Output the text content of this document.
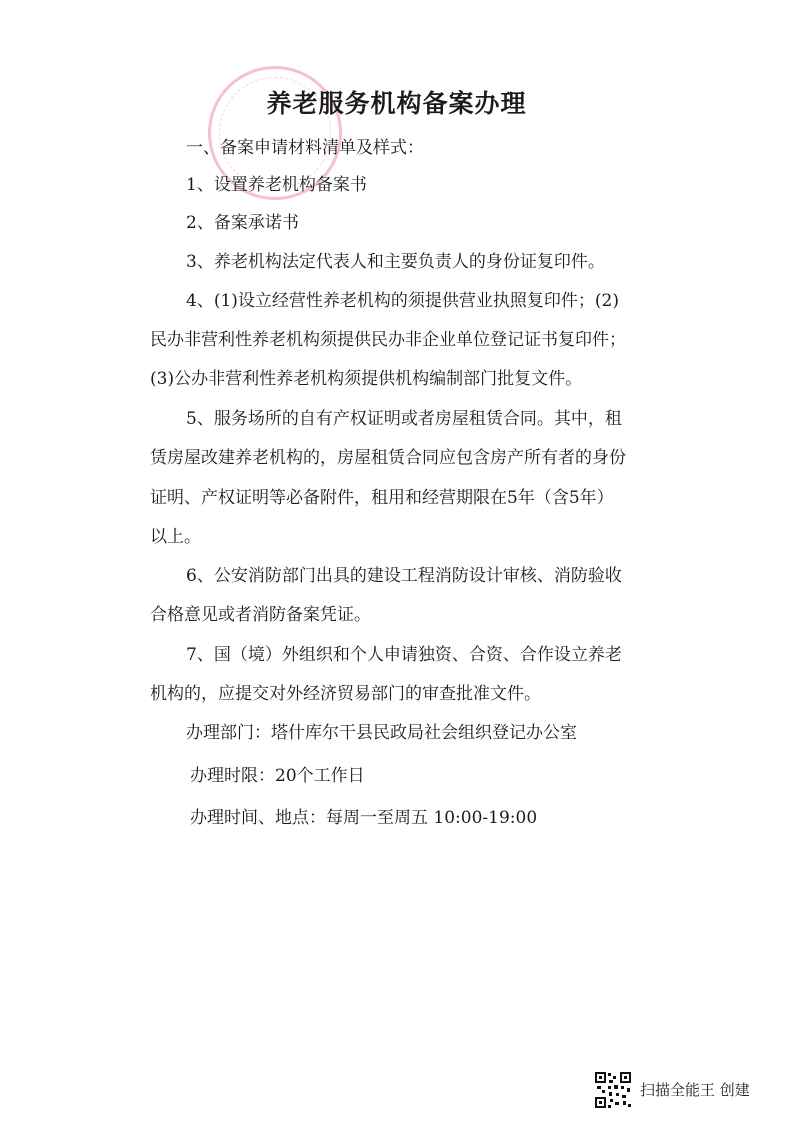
养老服务机构备案办理
一、备案申请材料清单及样式：
1、设置养老机构备案书
2、备案承诺书
3、养老机构法定代表人和主要负责人的身份证复印件。
4、(1)设立经营性养老机构的须提供营业执照复印件；(2)
民办非营利性养老机构须提供民办非企业单位登记证书复印件；
(3)公办非营利性养老机构须提供机构编制部门批复文件。
5、服务场所的自有产权证明或者房屋租赁合同。其中，租
赁房屋改建养老机构的，房屋租赁合同应包含房产所有者的身份
证明、产权证明等必备附件，租用和经营期限在5年（含5年）
以上。
6、公安消防部门出具的建设工程消防设计审核、消防验收
合格意见或者消防备案凭证。
7、国（境）外组织和个人申请独资、合资、合作设立养老
机构的，应提交对外经济贸易部门的审查批准文件。
办理部门：塔什库尔干县民政局社会组织登记办公室
办理时限：20个工作日
办理时间、地点：每周一至周五 10:00-19:00
扫描全能王 创建
